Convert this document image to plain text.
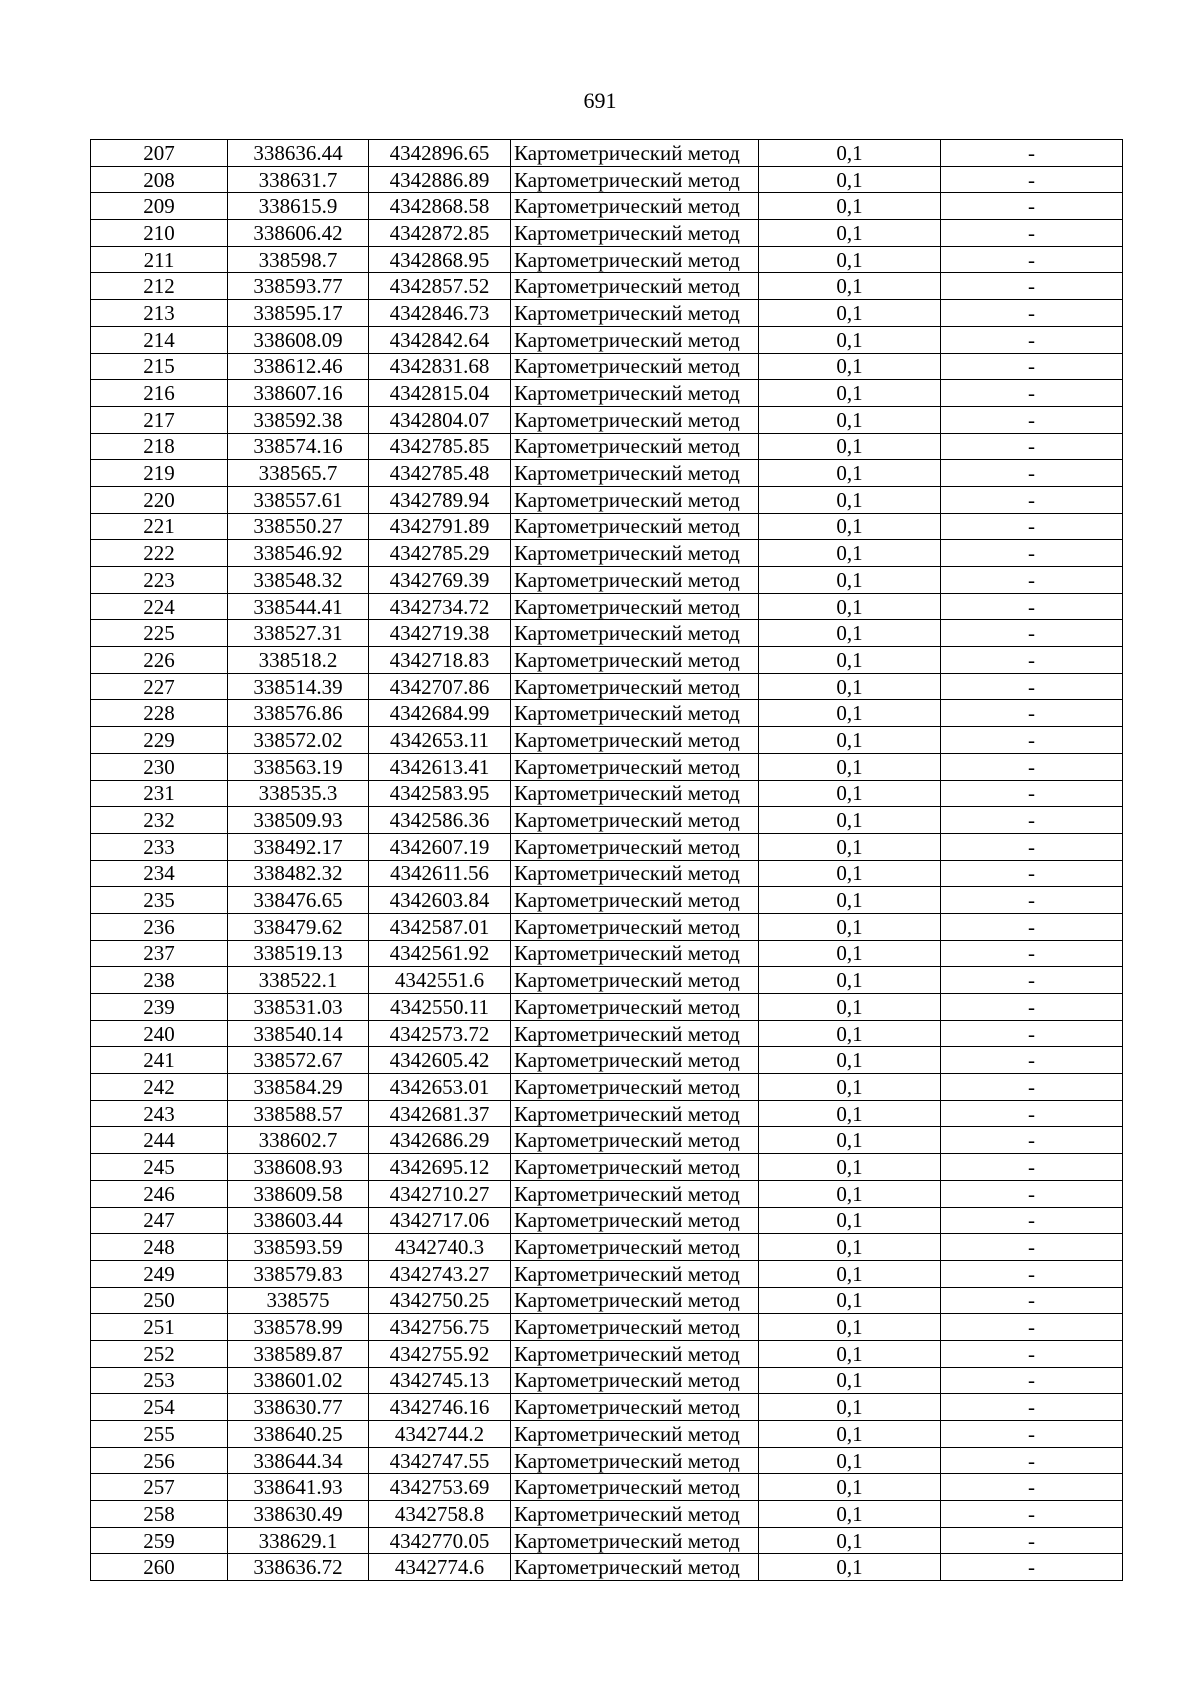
691
207	338636.44	4342896.65	Картометрический метод	0,1	-
208	338631.7	4342886.89	Картометрический метод	0,1	-
209	338615.9	4342868.58	Картометрический метод	0,1	-
210	338606.42	4342872.85	Картометрический метод	0,1	-
211	338598.7	4342868.95	Картометрический метод	0,1	-
212	338593.77	4342857.52	Картометрический метод	0,1	-
213	338595.17	4342846.73	Картометрический метод	0,1	-
214	338608.09	4342842.64	Картометрический метод	0,1	-
215	338612.46	4342831.68	Картометрический метод	0,1	-
216	338607.16	4342815.04	Картометрический метод	0,1	-
217	338592.38	4342804.07	Картометрический метод	0,1	-
218	338574.16	4342785.85	Картометрический метод	0,1	-
219	338565.7	4342785.48	Картометрический метод	0,1	-
220	338557.61	4342789.94	Картометрический метод	0,1	-
221	338550.27	4342791.89	Картометрический метод	0,1	-
222	338546.92	4342785.29	Картометрический метод	0,1	-
223	338548.32	4342769.39	Картометрический метод	0,1	-
224	338544.41	4342734.72	Картометрический метод	0,1	-
225	338527.31	4342719.38	Картометрический метод	0,1	-
226	338518.2	4342718.83	Картометрический метод	0,1	-
227	338514.39	4342707.86	Картометрический метод	0,1	-
228	338576.86	4342684.99	Картометрический метод	0,1	-
229	338572.02	4342653.11	Картометрический метод	0,1	-
230	338563.19	4342613.41	Картометрический метод	0,1	-
231	338535.3	4342583.95	Картометрический метод	0,1	-
232	338509.93	4342586.36	Картометрический метод	0,1	-
233	338492.17	4342607.19	Картометрический метод	0,1	-
234	338482.32	4342611.56	Картометрический метод	0,1	-
235	338476.65	4342603.84	Картометрический метод	0,1	-
236	338479.62	4342587.01	Картометрический метод	0,1	-
237	338519.13	4342561.92	Картометрический метод	0,1	-
238	338522.1	4342551.6	Картометрический метод	0,1	-
239	338531.03	4342550.11	Картометрический метод	0,1	-
240	338540.14	4342573.72	Картометрический метод	0,1	-
241	338572.67	4342605.42	Картометрический метод	0,1	-
242	338584.29	4342653.01	Картометрический метод	0,1	-
243	338588.57	4342681.37	Картометрический метод	0,1	-
244	338602.7	4342686.29	Картометрический метод	0,1	-
245	338608.93	4342695.12	Картометрический метод	0,1	-
246	338609.58	4342710.27	Картометрический метод	0,1	-
247	338603.44	4342717.06	Картометрический метод	0,1	-
248	338593.59	4342740.3	Картометрический метод	0,1	-
249	338579.83	4342743.27	Картометрический метод	0,1	-
250	338575	4342750.25	Картометрический метод	0,1	-
251	338578.99	4342756.75	Картометрический метод	0,1	-
252	338589.87	4342755.92	Картометрический метод	0,1	-
253	338601.02	4342745.13	Картометрический метод	0,1	-
254	338630.77	4342746.16	Картометрический метод	0,1	-
255	338640.25	4342744.2	Картометрический метод	0,1	-
256	338644.34	4342747.55	Картометрический метод	0,1	-
257	338641.93	4342753.69	Картометрический метод	0,1	-
258	338630.49	4342758.8	Картометрический метод	0,1	-
259	338629.1	4342770.05	Картометрический метод	0,1	-
260	338636.72	4342774.6	Картометрический метод	0,1	-
